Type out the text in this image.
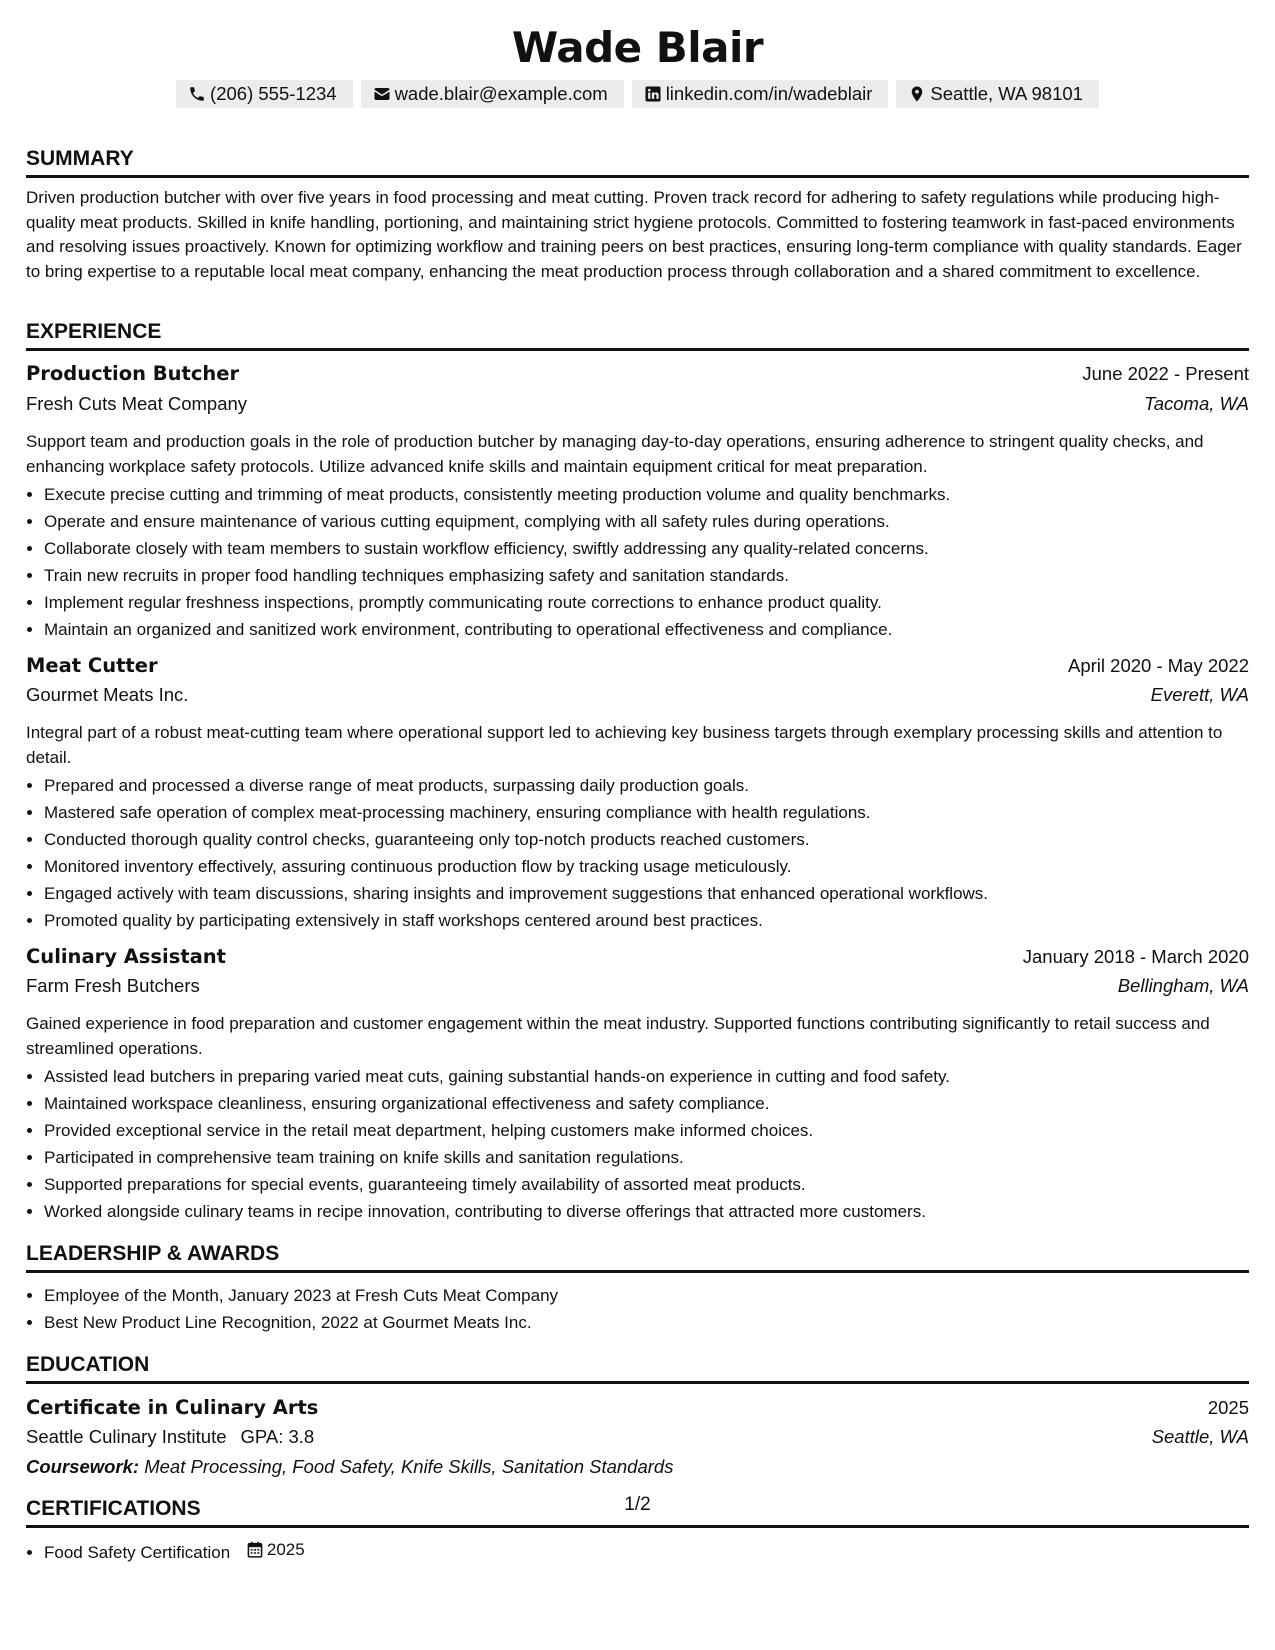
Wade Blair
(206) 555-1234	wade.blair@example.com	linkedin.com/in/wadeblair	Seattle, WA 98101
SUMMARY
Driven production butcher with over five years in food processing and meat cutting. Proven track record for adhering to safety regulations while producing high-quality meat products. Skilled in knife handling, portioning, and maintaining strict hygiene protocols. Committed to fostering teamwork in fast-paced environments and resolving issues proactively. Known for optimizing workflow and training peers on best practices, ensuring long-term compliance with quality standards. Eager to bring expertise to a reputable local meat company, enhancing the meat production process through collaboration and a shared commitment to excellence.
EXPERIENCE
Production Butcher	June 2022 - Present
Fresh Cuts Meat Company	Tacoma, WA
Support team and production goals in the role of production butcher by managing day-to-day operations, ensuring adherence to stringent quality checks, and enhancing workplace safety protocols. Utilize advanced knife skills and maintain equipment critical for meat preparation.
• Execute precise cutting and trimming of meat products, consistently meeting production volume and quality benchmarks.
• Operate and ensure maintenance of various cutting equipment, complying with all safety rules during operations.
• Collaborate closely with team members to sustain workflow efficiency, swiftly addressing any quality-related concerns.
• Train new recruits in proper food handling techniques emphasizing safety and sanitation standards.
• Implement regular freshness inspections, promptly communicating route corrections to enhance product quality.
• Maintain an organized and sanitized work environment, contributing to operational effectiveness and compliance.
Meat Cutter	April 2020 - May 2022
Gourmet Meats Inc.	Everett, WA
Integral part of a robust meat-cutting team where operational support led to achieving key business targets through exemplary processing skills and attention to detail.
• Prepared and processed a diverse range of meat products, surpassing daily production goals.
• Mastered safe operation of complex meat-processing machinery, ensuring compliance with health regulations.
• Conducted thorough quality control checks, guaranteeing only top-notch products reached customers.
• Monitored inventory effectively, assuring continuous production flow by tracking usage meticulously.
• Engaged actively with team discussions, sharing insights and improvement suggestions that enhanced operational workflows.
• Promoted quality by participating extensively in staff workshops centered around best practices.
Culinary Assistant	January 2018 - March 2020
Farm Fresh Butchers	Bellingham, WA
Gained experience in food preparation and customer engagement within the meat industry. Supported functions contributing significantly to retail success and streamlined operations.
• Assisted lead butchers in preparing varied meat cuts, gaining substantial hands-on experience in cutting and food safety.
• Maintained workspace cleanliness, ensuring organizational effectiveness and safety compliance.
• Provided exceptional service in the retail meat department, helping customers make informed choices.
• Participated in comprehensive team training on knife skills and sanitation regulations.
• Supported preparations for special events, guaranteeing timely availability of assorted meat products.
• Worked alongside culinary teams in recipe innovation, contributing to diverse offerings that attracted more customers.
LEADERSHIP & AWARDS
• Employee of the Month, January 2023 at Fresh Cuts Meat Company
• Best New Product Line Recognition, 2022 at Gourmet Meats Inc.
EDUCATION
Certificate in Culinary Arts	2025
Seattle Culinary Institute GPA: 3.8	Seattle, WA
Coursework: Meat Processing, Food Safety, Knife Skills, Sanitation Standards
CERTIFICATIONS
• Food Safety Certification 2025
1/2
